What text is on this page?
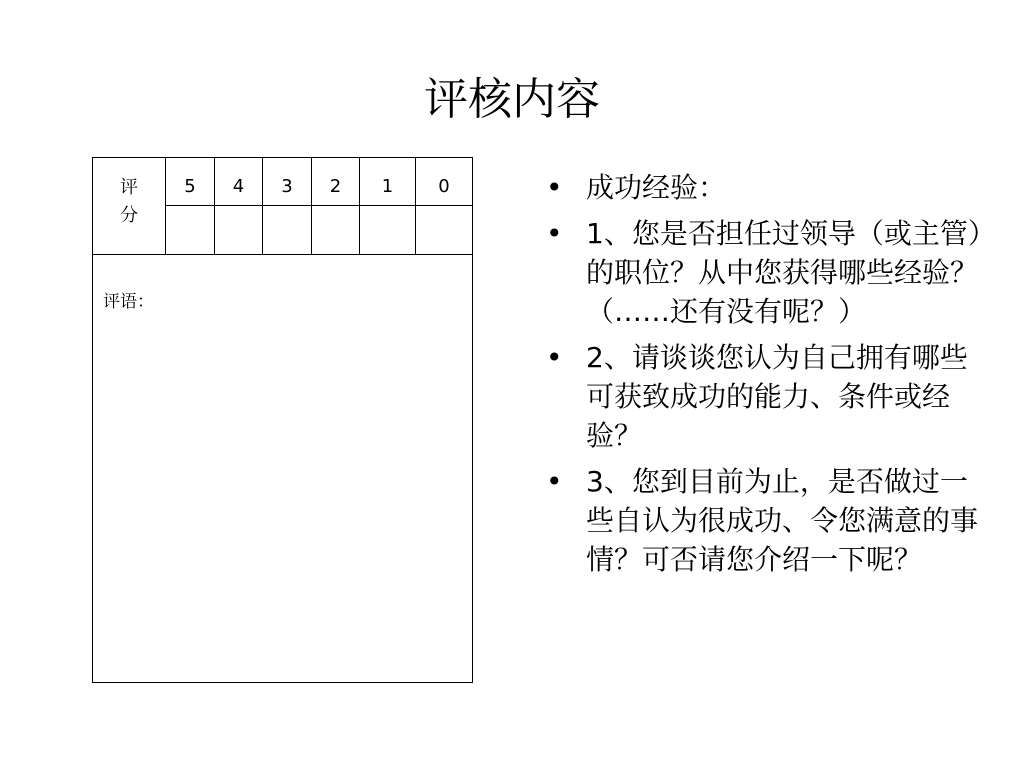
评核内容
评
分	5	4	3	2	1	0

评语：						
• 成功经验：
• 1、您是否担任过领导（或主管）的职位？从中您获得哪些经验？（……还有没有呢？）
• 2、请谈谈您认为自己拥有哪些可获致成功的能力、条件或经验？
• 3、您到目前为止，是否做过一些自认为很成功、令您满意的事情？可否请您介绍一下呢？
